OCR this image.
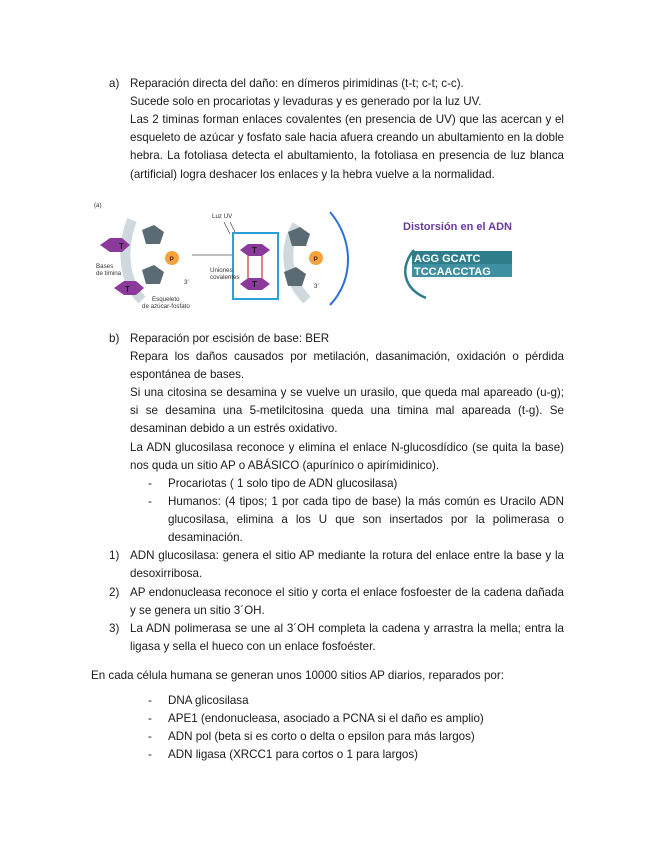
a) Reparación directa del daño: en dímeros pirimidinas (t-t; c-t; c-c).

Sucede solo en procariotas y levaduras y es generado por la luz UV.

Las 2 timinas forman enlaces covalentes (en presencia de UV) que las acercan y el esqueleto de azúcar y fosfato sale hacia afuera creando un abultamiento en la doble hebra. La fotoliasa detecta el abultamiento, la fotoliasa en presencia de luz blanca (artificial) logra deshacer los enlaces y la hebra vuelve a la normalidad.

(a)
T
T
P
3'
Bases
de timina
Esqueleto
de azúcar-fosfato
Luz UV
T
T
Uniones
covalentes
P
3'
Distorsión en el ADN
AGG GCATC
TCCAACCTAG
b) Reparación por escisión de base: BER

Repara los daños causados por metilación, dasanimación, oxidación o pérdida espontánea de bases.

Si una citosina se desamina y se vuelve un urasilo, que queda mal apareado (u-g); si se desamina una 5-metilcitosina queda una timina mal apareada (t-g). Se desaminan debido a un estrés oxidativo.

La ADN glucosilasa reconoce y elimina el enlace N-glucosdídico (se quita la base) nos quda un sitio AP o ABÁSICO (apurínico o apirímidinico).

- Procariotas ( 1 solo tipo de ADN glucosilasa)

- Humanos: (4 tipos; 1 por cada tipo de base) la más común es Uracilo ADN glucosilasa, elimina a los U que son insertados por la polimerasa o desaminación.

1) ADN glucosilasa: genera el sitio AP mediante la rotura del enlace entre la base y la desoxirribosa.

2) AP endonucleasa reconoce el sitio y corta el enlace fosfoester de la cadena dañada y se genera un sitio 3´OH.

3) La ADN polimerasa se une al 3´OH completa la cadena y arrastra la mella; entra la ligasa y sella el hueco con un enlace fosfoéster.

En cada célula humana se generan unos 10000 sitios AP diarios, reparados por:

- DNA glicosilasa

- APE1 (endonucleasa, asociado a PCNA si el daño es amplio)

- ADN pol (beta si es corto o delta o epsilon para más largos)

- ADN ligasa (XRCC1 para cortos o 1 para largos)
